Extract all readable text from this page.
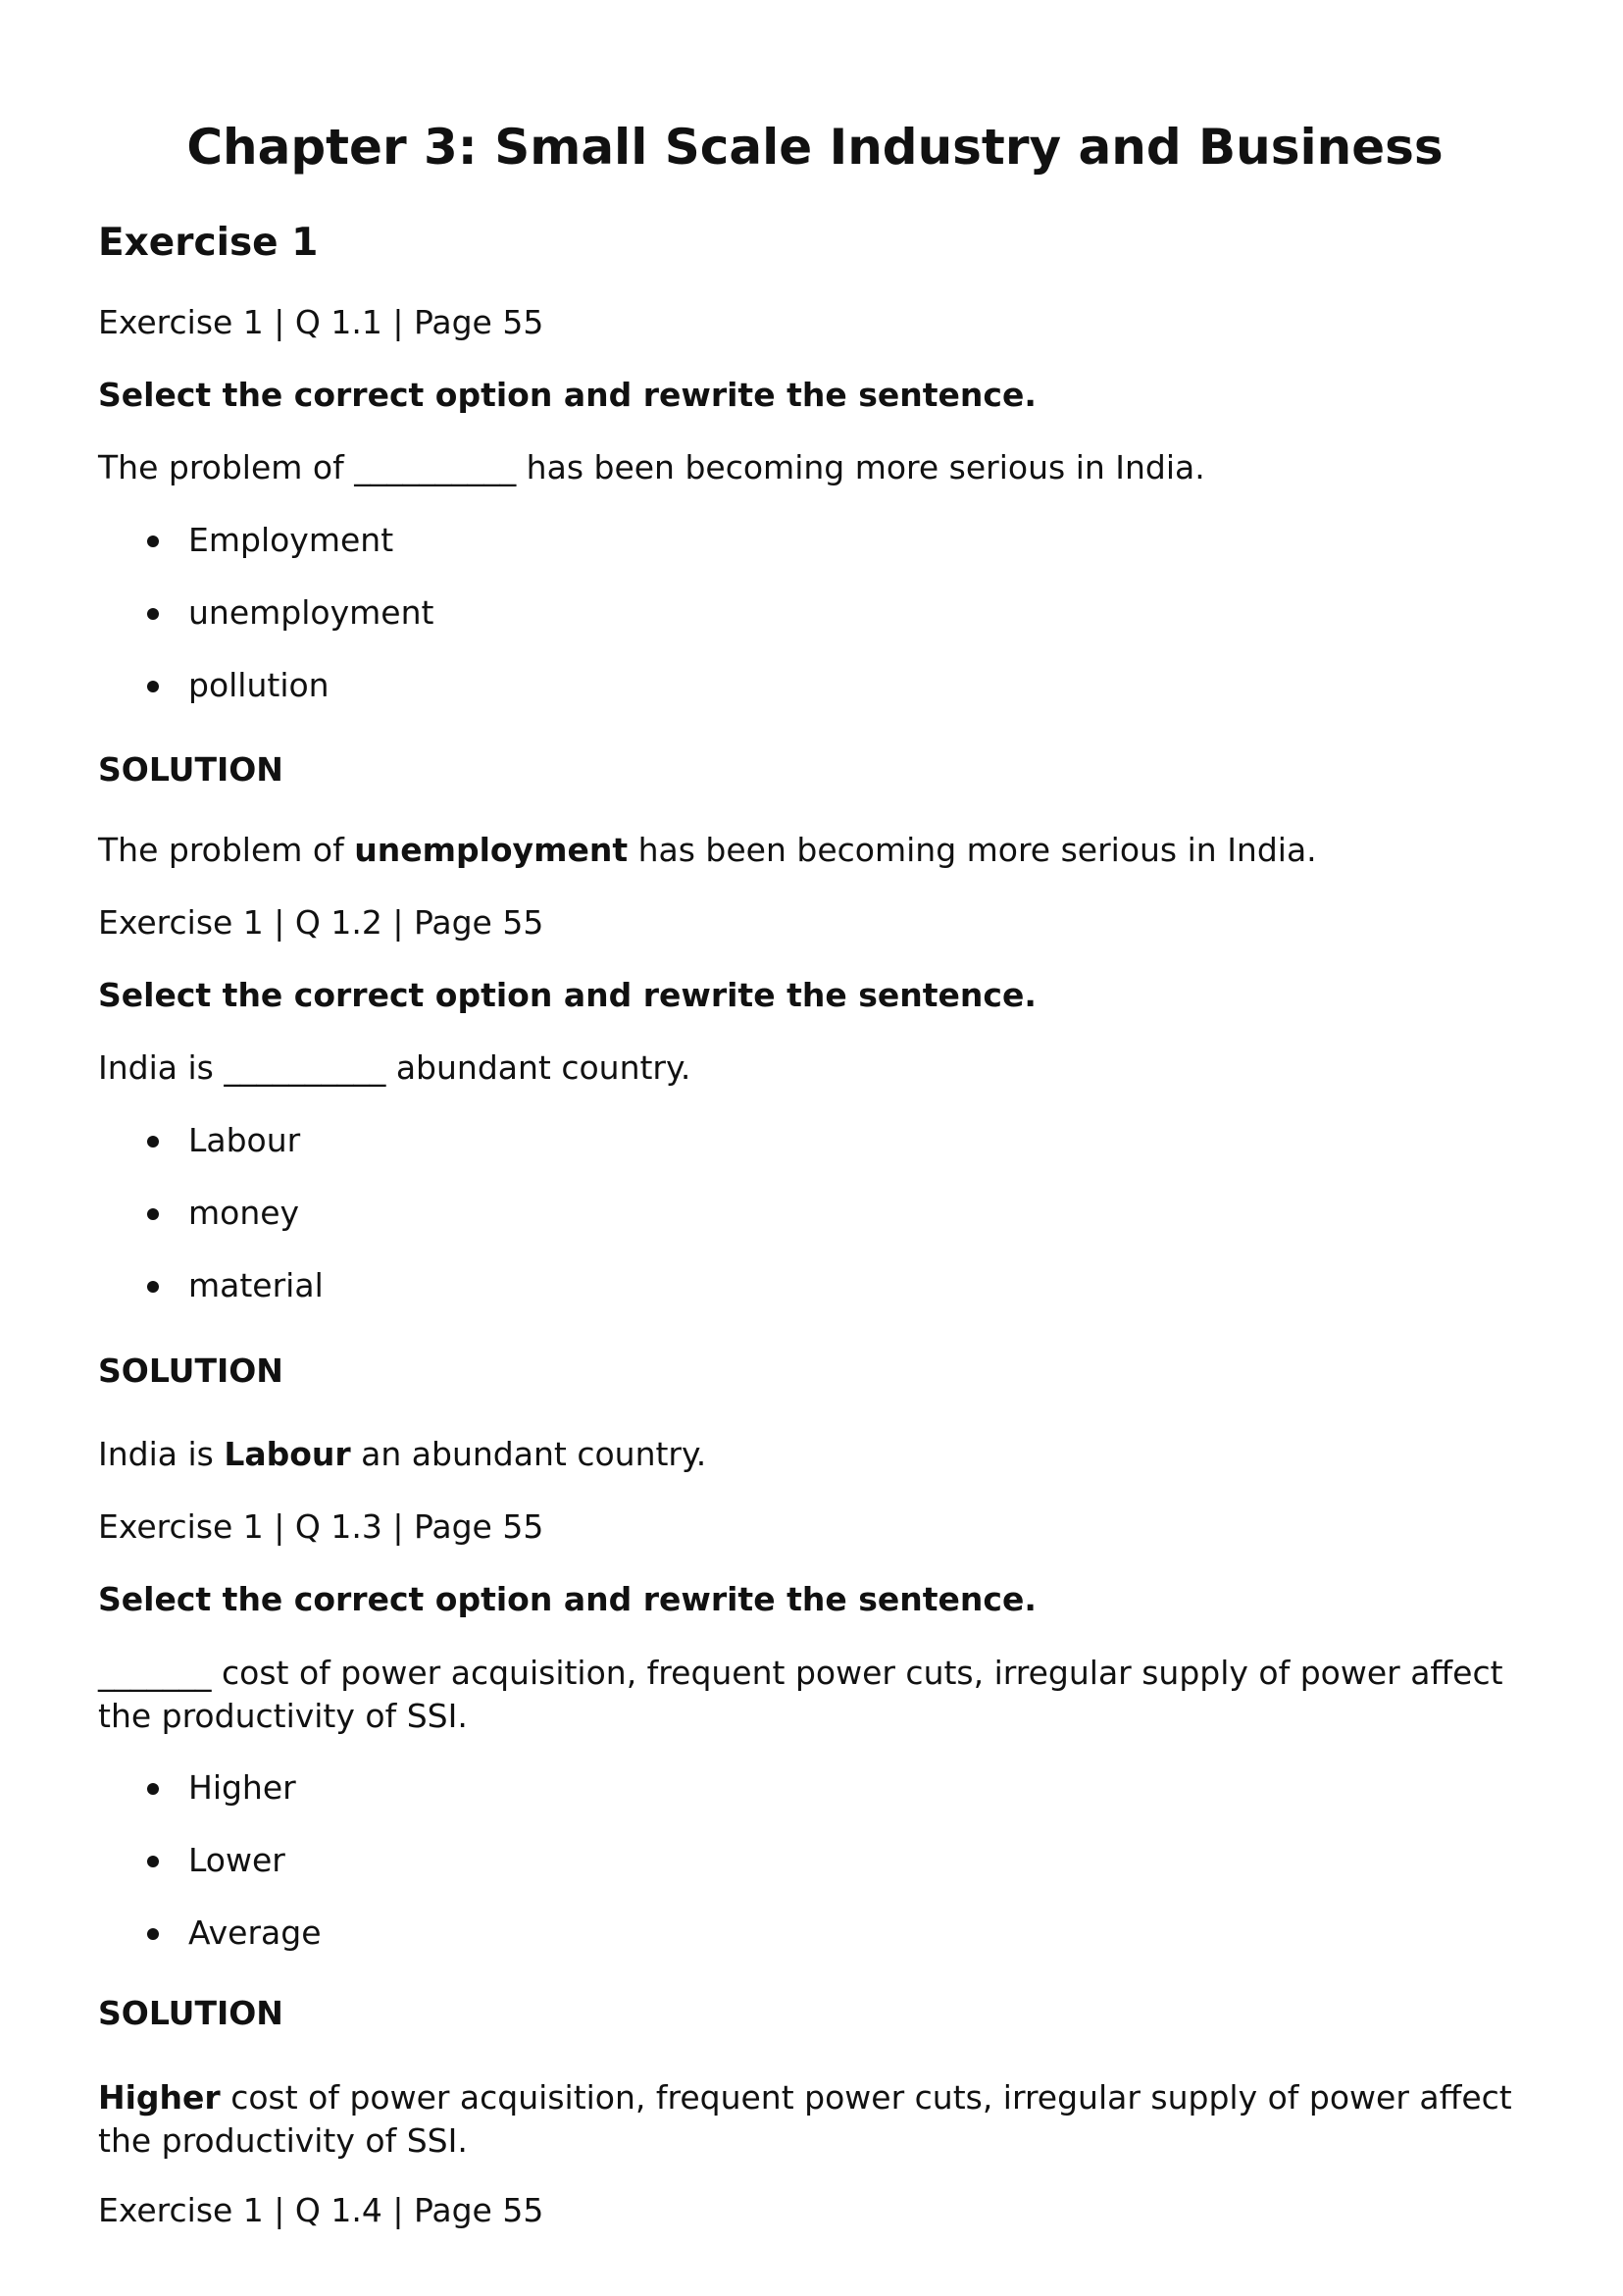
Chapter 3: Small Scale Industry and Business
Exercise 1

Exercise 1 | Q 1.1 | Page 55

Select the correct option and rewrite the sentence.

The problem of __________ has been becoming more serious in India.

Employment
unemployment
pollution

SOLUTION

The problem of unemployment has been becoming more serious in India.

Exercise 1 | Q 1.2 | Page 55

Select the correct option and rewrite the sentence.

India is __________ abundant country.

Labour
money
material

SOLUTION

India is Labour an abundant country.

Exercise 1 | Q 1.3 | Page 55

Select the correct option and rewrite the sentence.

_______ cost of power acquisition, frequent power cuts, irregular supply of power affect the productivity of SSI.

Higher
Lower
Average

SOLUTION

Higher cost of power acquisition, frequent power cuts, irregular supply of power affect the productivity of SSI.

Exercise 1 | Q 1.4 | Page 55
